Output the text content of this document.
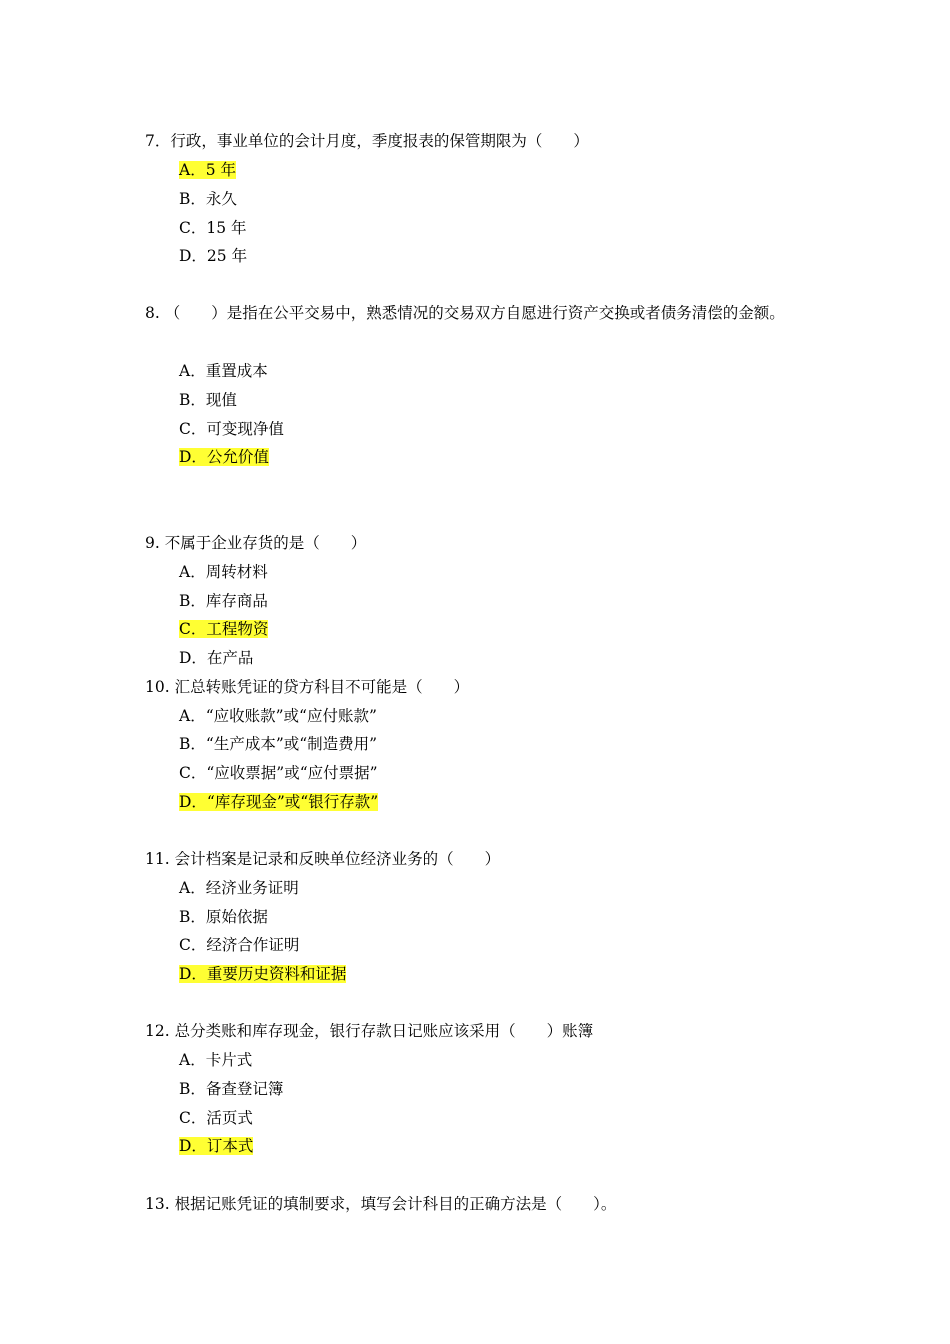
7．行政，事业单位的会计月度，季度报表的保管期限为（　　）
A．5 年
B．永久
C．15 年
D．25 年
8. （　　）是指在公平交易中，熟悉情况的交易双方自愿进行资产交换或者债务清偿的金额。
A．重置成本
B．现值
C．可变现净值
D．公允价值
9. 不属于企业存货的是（　　）
A．周转材料
B．库存商品
C．工程物资
D．在产品
10. 汇总转账凭证的贷方科目不可能是（　　）
A．“应收账款”或“应付账款”
B．“生产成本”或“制造费用”
C．“应收票据”或“应付票据”
D．“库存现金”或“银行存款”
11. 会计档案是记录和反映单位经济业务的（　　）
A．经济业务证明
B．原始依据
C．经济合作证明
D．重要历史资料和证据
12. 总分类账和库存现金，银行存款日记账应该采用（　　）账簿
A．卡片式
B．备查登记簿
C．活页式
D．订本式
13. 根据记账凭证的填制要求，填写会计科目的正确方法是（　　）。
